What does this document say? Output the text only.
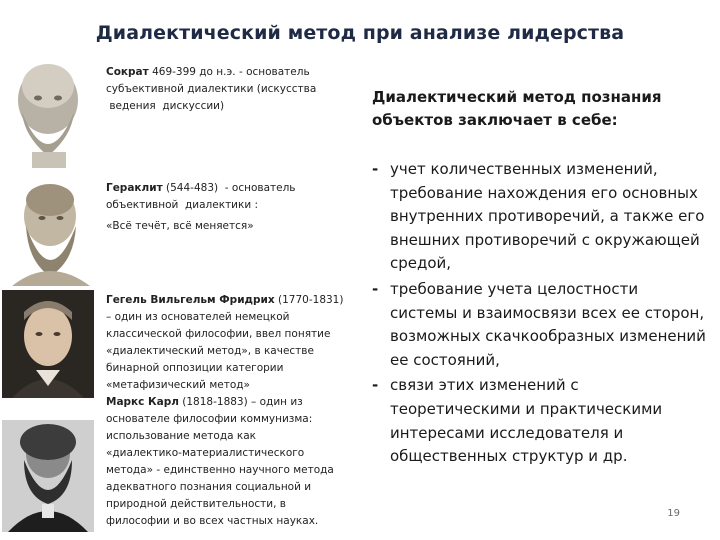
Диалектический метод при анализе лидерства

Сократ 469-399 до н.э. - основатель

субъективной диалектики (искусства

ведения  дискуссии)

Гераклит (544-483)  - основатель

объективной  диалектики :

«Всё течёт, всё меняется»

Гегель Вильгельм Фридрих (1770-1831)

– один из основателей немецкой

классической философии, ввел понятие

«диалектический метод», в качестве

бинарной оппозиции категории

«метафизический метод»

Маркс Карл (1818-1883) – один из

основателе философии коммунизма:

использование метода как

«диалектико-материалистического

метода» - единственно научного метода

адекватного познания социальной и

природной действительности, в

философии и во всех частных науках.

Диалектический метод познания объектов заключает в себе:

- учет количественных изменений, требование нахождения его основных внутренних противоречий, а также его внешних противоречий с окружающей средой,
- требование учета целостности системы и взаимосвязи всех ее сторон, возможных скачкообразных изменений ее состояний,
- связи этих изменений с теоретическими и практическими интересами исследователя и общественных структур и др.
19
